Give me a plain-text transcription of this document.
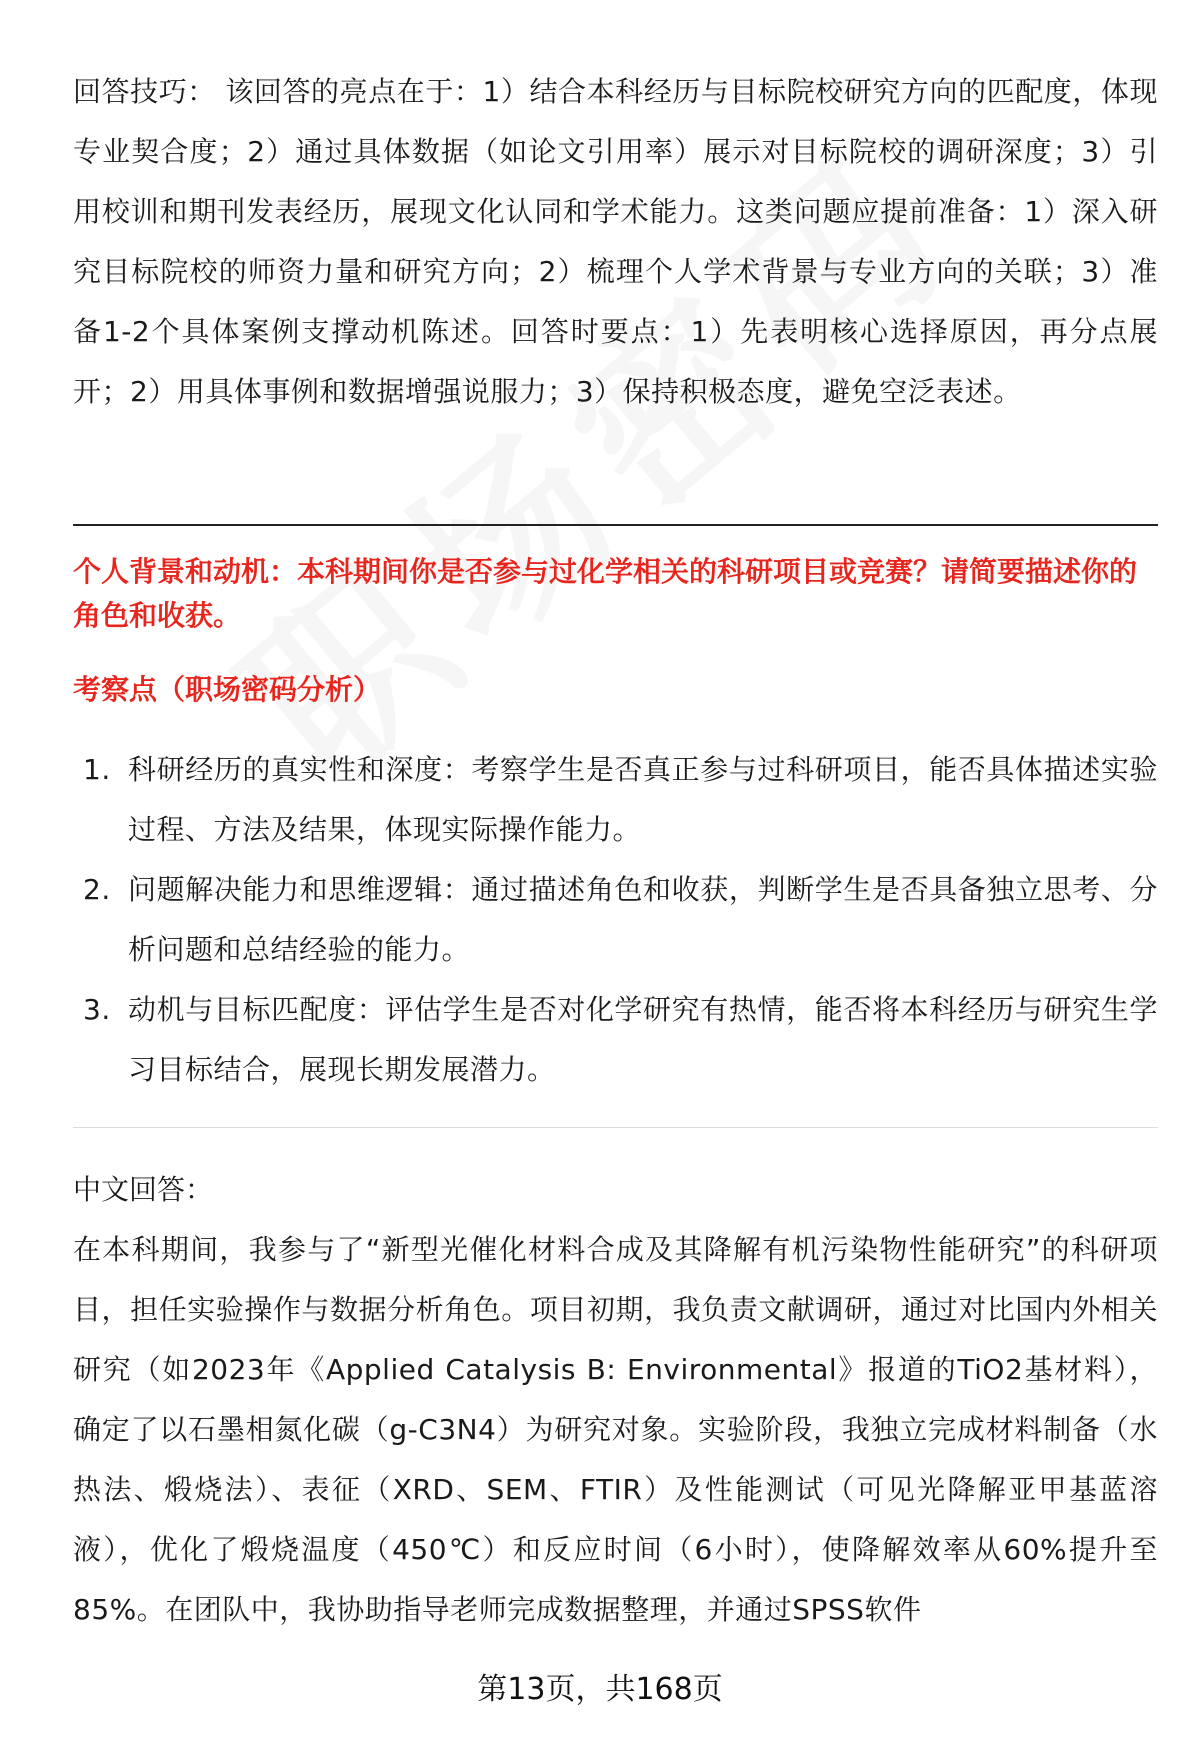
回答技巧： 该回答的亮点在于：1）结合本科经历与目标院校研究方向的匹配度，体现专业契合度；2）通过具体数据（如论文引用率）展示对目标院校的调研深度；3）引用校训和期刊发表经历，展现文化认同和学术能力。这类问题应提前准备：1）深入研究目标院校的师资力量和研究方向；2）梳理个人学术背景与专业方向的关联；3）准备1-2个具体案例支撑动机陈述。回答时要点：1）先表明核心选择原因，再分点展开；2）用具体事例和数据增强说服力；3）保持积极态度，避免空泛表述。

个人背景和动机：本科期间你是否参与过化学相关的科研项目或竞赛？请简要描述你的角色和收获。

考察点（职场密码分析）

1. 科研经历的真实性和深度：考察学生是否真正参与过科研项目，能否具体描述实验过程、方法及结果，体现实际操作能力。
2. 问题解决能力和思维逻辑：通过描述角色和收获，判断学生是否具备独立思考、分析问题和总结经验的能力。
3. 动机与目标匹配度：评估学生是否对化学研究有热情，能否将本科经历与研究生学习目标结合，展现长期发展潜力。

中文回答：

在本科期间，我参与了“新型光催化材料合成及其降解有机污染物性能研究”的科研项目，担任实验操作与数据分析角色。项目初期，我负责文献调研，通过对比国内外相关研究（如2023年《Applied Catalysis B: Environmental》报道的TiO2基材料），确定了以石墨相氮化碳（g-C3N4）为研究对象。实验阶段，我独立完成材料制备（水热法、煅烧法）、表征（XRD、SEM、FTIR）及性能测试（可见光降解亚甲基蓝溶液），优化了煅烧温度（450℃）和反应时间（6小时），使降解效率从60%提升至85%。在团队中，我协助指导老师完成数据整理，并通过SPSS软件

第13页，共168页
